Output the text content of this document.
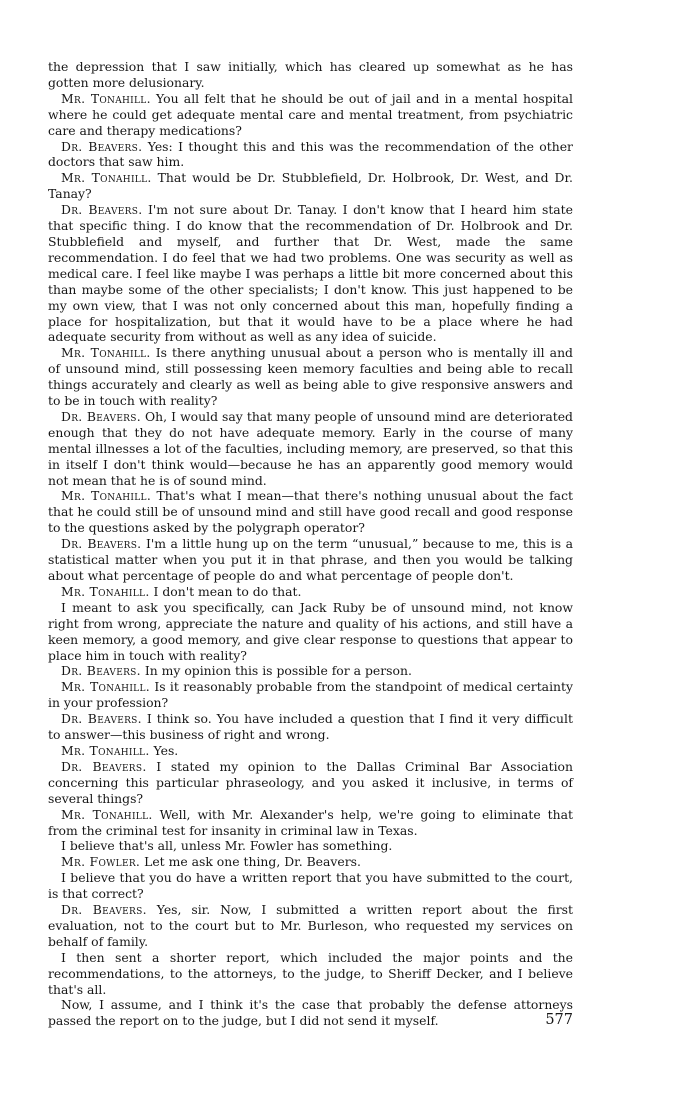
the depression that I saw initially, which has cleared up somewhat as he has gotten more delusionary.

Mr. Tonahill. You all felt that he should be out of jail and in a mental hospital where he could get adequate mental care and mental treatment, from psychiatric care and therapy medications?

Dr. Beavers. Yes: I thought this and this was the recommendation of the other doctors that saw him.

Mr. Tonahill. That would be Dr. Stubblefield, Dr. Holbrook, Dr. West, and Dr. Tanay?

Dr. Beavers. I'm not sure about Dr. Tanay. I don't know that I heard him state that specific thing. I do know that the recommendation of Dr. Holbrook and Dr. Stubblefield and myself, and further that Dr. West, made the same recommendation. I do feel that we had two problems. One was security as well as medical care. I feel like maybe I was perhaps a little bit more concerned about this than maybe some of the other specialists; I don't know. This just happened to be my own view, that I was not only concerned about this man, hopefully finding a place for hospitalization, but that it would have to be a place where he had adequate security from without as well as any idea of suicide.

Mr. Tonahill. Is there anything unusual about a person who is mentally ill and of unsound mind, still possessing keen memory faculties and being able to recall things accurately and clearly as well as being able to give responsive answers and to be in touch with reality?

Dr. Beavers. Oh, I would say that many people of unsound mind are deteriorated enough that they do not have adequate memory. Early in the course of many mental illnesses a lot of the faculties, including memory, are preserved, so that this in itself I don't think would—because he has an apparently good memory would not mean that he is of sound mind.

Mr. Tonahill. That's what I mean—that there's nothing unusual about the fact that he could still be of unsound mind and still have good recall and good response to the questions asked by the polygraph operator?

Dr. Beavers. I'm a little hung up on the term “unusual,” because to me, this is a statistical matter when you put it in that phrase, and then you would be talking about what percentage of people do and what percentage of people don't.

Mr. Tonahill. I don't mean to do that.

I meant to ask you specifically, can Jack Ruby be of unsound mind, not know right from wrong, appreciate the nature and quality of his actions, and still have a keen memory, a good memory, and give clear response to questions that appear to place him in touch with reality?

Dr. Beavers. In my opinion this is possible for a person.

Mr. Tonahill. Is it reasonably probable from the standpoint of medical certainty in your profession?

Dr. Beavers. I think so. You have included a question that I find it very difficult to answer—this business of right and wrong.

Mr. Tonahill. Yes.

Dr. Beavers. I stated my opinion to the Dallas Criminal Bar Association concerning this particular phraseology, and you asked it inclusive, in terms of several things?

Mr. Tonahill. Well, with Mr. Alexander's help, we're going to eliminate that from the criminal test for insanity in criminal law in Texas.

I believe that's all, unless Mr. Fowler has something.

Mr. Fowler. Let me ask one thing, Dr. Beavers.

I believe that you do have a written report that you have submitted to the court, is that correct?

Dr. Beavers. Yes, sir. Now, I submitted a written report about the first evaluation, not to the court but to Mr. Burleson, who requested my services on behalf of family.

I then sent a shorter report, which included the major points and the recommendations, to the attorneys, to the judge, to Sheriff Decker, and I believe that's all.

Now, I assume, and I think it's the case that probably the defense attorneys passed the report on to the judge, but I did not send it myself.	577
